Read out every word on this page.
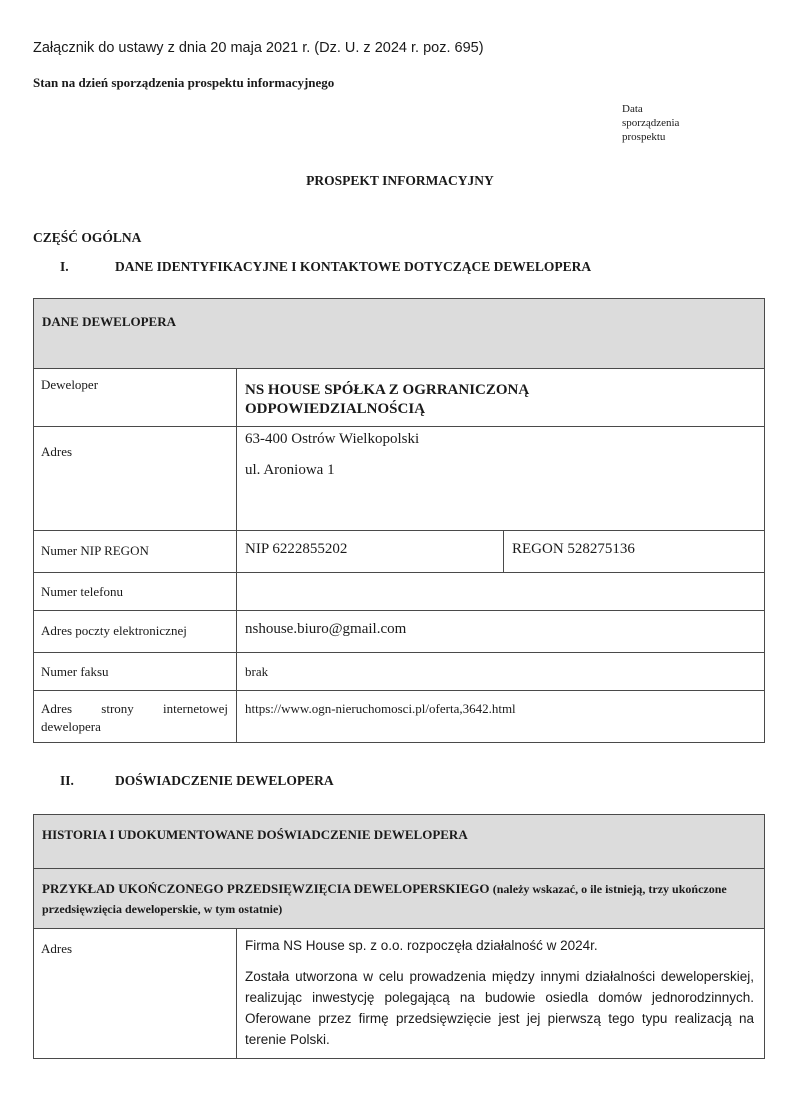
Załącznik do ustawy z dnia 20 maja 2021 r. (Dz. U. z 2024 r. poz. 695)
Stan na dzień sporządzenia prospektu informacyjnego
Data
sporządzenia
prospektu
PROSPEKT INFORMACYJNY
CZĘŚĆ OGÓLNA
I.	DANE IDENTYFIKACYJNE I KONTAKTOWE DOTYCZĄCE DEWELOPERA
DANE DEWELOPERA		
Deweloper	NS HOUSE SPÓŁKA Z OGRRANICZONĄ
ODPOWIEDZIALNOŚCIĄ	

Adres	63-400 Ostrów Wielkopolski
ul. Aroniowa 1	

Numer NIP REGON	NIP 6222855202	REGON 528275136
Numer telefonu		
Adres poczty elektronicznej	nshouse.biuro@gmail.com	
Numer faksu	brak	
Adres strony internetowej dewelopera	https://www.ogn-nieruchomosci.pl/oferta,3642.html	
II.	DOŚWIADCZENIE DEWELOPERA
HISTORIA I UDOKUMENTOWANE DOŚWIADCZENIE DEWELOPERA
PRZYKŁAD UKOŃCZONEGO PRZEDSIĘWZIĘCIA DEWELOPERSKIEGO (należy wskazać, o ile istnieją, trzy ukończone przedsięwzięcia deweloperskie, w tym ostatnie)
Adres	Firma NS House sp. z o.o. rozpoczęła działalność w 2024r.
Została utworzona w celu prowadzenia między innymi działalności deweloperskiej, realizując inwestycję polegającą na budowie osiedla domów jednorodzinnych. Oferowane przez firmę przedsięwzięcie jest jej pierwszą tego typu realizacją na terenie Polski.
